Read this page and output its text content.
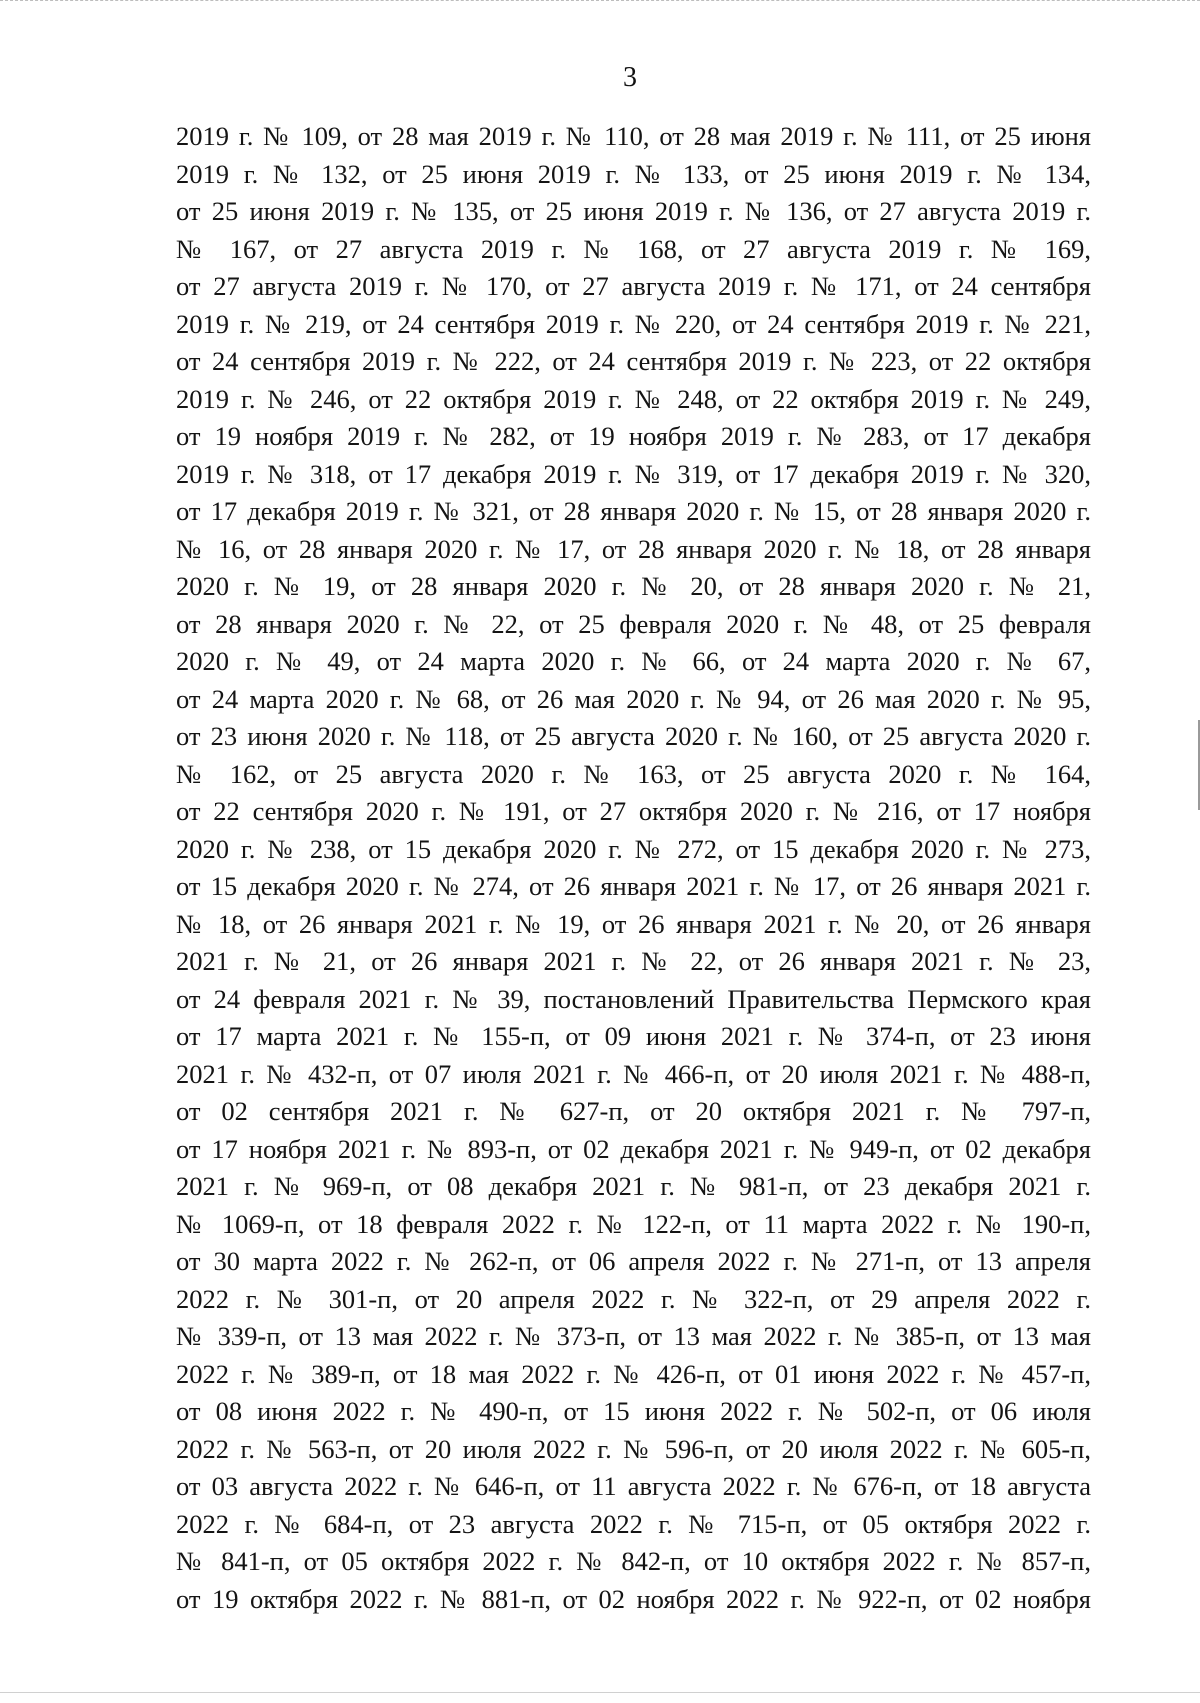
3
2019 г. № 109, от 28 мая 2019 г. № 110, от 28 мая 2019 г. № 111, от 25 июня
2019 г. № 132, от 25 июня 2019 г. № 133, от 25 июня 2019 г. № 134,
от 25 июня 2019 г. № 135, от 25 июня 2019 г. № 136, от 27 августа 2019 г.
№ 167, от 27 августа 2019 г. № 168, от 27 августа 2019 г. № 169,
от 27 августа 2019 г. № 170, от 27 августа 2019 г. № 171, от 24 сентября
2019 г. № 219, от 24 сентября 2019 г. № 220, от 24 сентября 2019 г. № 221,
от 24 сентября 2019 г. № 222, от 24 сентября 2019 г. № 223, от 22 октября
2019 г. № 246, от 22 октября 2019 г. № 248, от 22 октября 2019 г. № 249,
от 19 ноября 2019 г. № 282, от 19 ноября 2019 г. № 283, от 17 декабря
2019 г. № 318, от 17 декабря 2019 г. № 319, от 17 декабря 2019 г. № 320,
от 17 декабря 2019 г. № 321, от 28 января 2020 г. № 15, от 28 января 2020 г.
№ 16, от 28 января 2020 г. № 17, от 28 января 2020 г. № 18, от 28 января
2020 г. № 19, от 28 января 2020 г. № 20, от 28 января 2020 г. № 21,
от 28 января 2020 г. № 22, от 25 февраля 2020 г. № 48, от 25 февраля
2020 г. № 49, от 24 марта 2020 г. № 66, от 24 марта 2020 г. № 67,
от 24 марта 2020 г. № 68, от 26 мая 2020 г. № 94, от 26 мая 2020 г. № 95,
от 23 июня 2020 г. № 118, от 25 августа 2020 г. № 160, от 25 августа 2020 г.
№ 162, от 25 августа 2020 г. № 163, от 25 августа 2020 г. № 164,
от 22 сентября 2020 г. № 191, от 27 октября 2020 г. № 216, от 17 ноября
2020 г. № 238, от 15 декабря 2020 г. № 272, от 15 декабря 2020 г. № 273,
от 15 декабря 2020 г. № 274, от 26 января 2021 г. № 17, от 26 января 2021 г.
№ 18, от 26 января 2021 г. № 19, от 26 января 2021 г. № 20, от 26 января
2021 г. № 21, от 26 января 2021 г. № 22, от 26 января 2021 г. № 23,
от 24 февраля 2021 г. № 39, постановлений Правительства Пермского края
от 17 марта 2021 г. № 155-п, от 09 июня 2021 г. № 374-п, от 23 июня
2021 г. № 432-п, от 07 июля 2021 г. № 466-п, от 20 июля 2021 г. № 488-п,
от 02 сентября 2021 г. № 627-п, от 20 октября 2021 г. № 797-п,
от 17 ноября 2021 г. № 893-п, от 02 декабря 2021 г. № 949-п, от 02 декабря
2021 г. № 969-п, от 08 декабря 2021 г. № 981-п, от 23 декабря 2021 г.
№ 1069-п, от 18 февраля 2022 г. № 122-п, от 11 марта 2022 г. № 190-п,
от 30 марта 2022 г. № 262-п, от 06 апреля 2022 г. № 271-п, от 13 апреля
2022 г. № 301-п, от 20 апреля 2022 г. № 322-п, от 29 апреля 2022 г.
№ 339-п, от 13 мая 2022 г. № 373-п, от 13 мая 2022 г. № 385-п, от 13 мая
2022 г. № 389-п, от 18 мая 2022 г. № 426-п, от 01 июня 2022 г. № 457-п,
от 08 июня 2022 г. № 490-п, от 15 июня 2022 г. № 502-п, от 06 июля
2022 г. № 563-п, от 20 июля 2022 г. № 596-п, от 20 июля 2022 г. № 605-п,
от 03 августа 2022 г. № 646-п, от 11 августа 2022 г. № 676-п, от 18 августа
2022 г. № 684-п, от 23 августа 2022 г. № 715-п, от 05 октября 2022 г.
№ 841-п, от 05 октября 2022 г. № 842-п, от 10 октября 2022 г. № 857-п,
от 19 октября 2022 г. № 881-п, от 02 ноября 2022 г. № 922-п, от 02 ноября
